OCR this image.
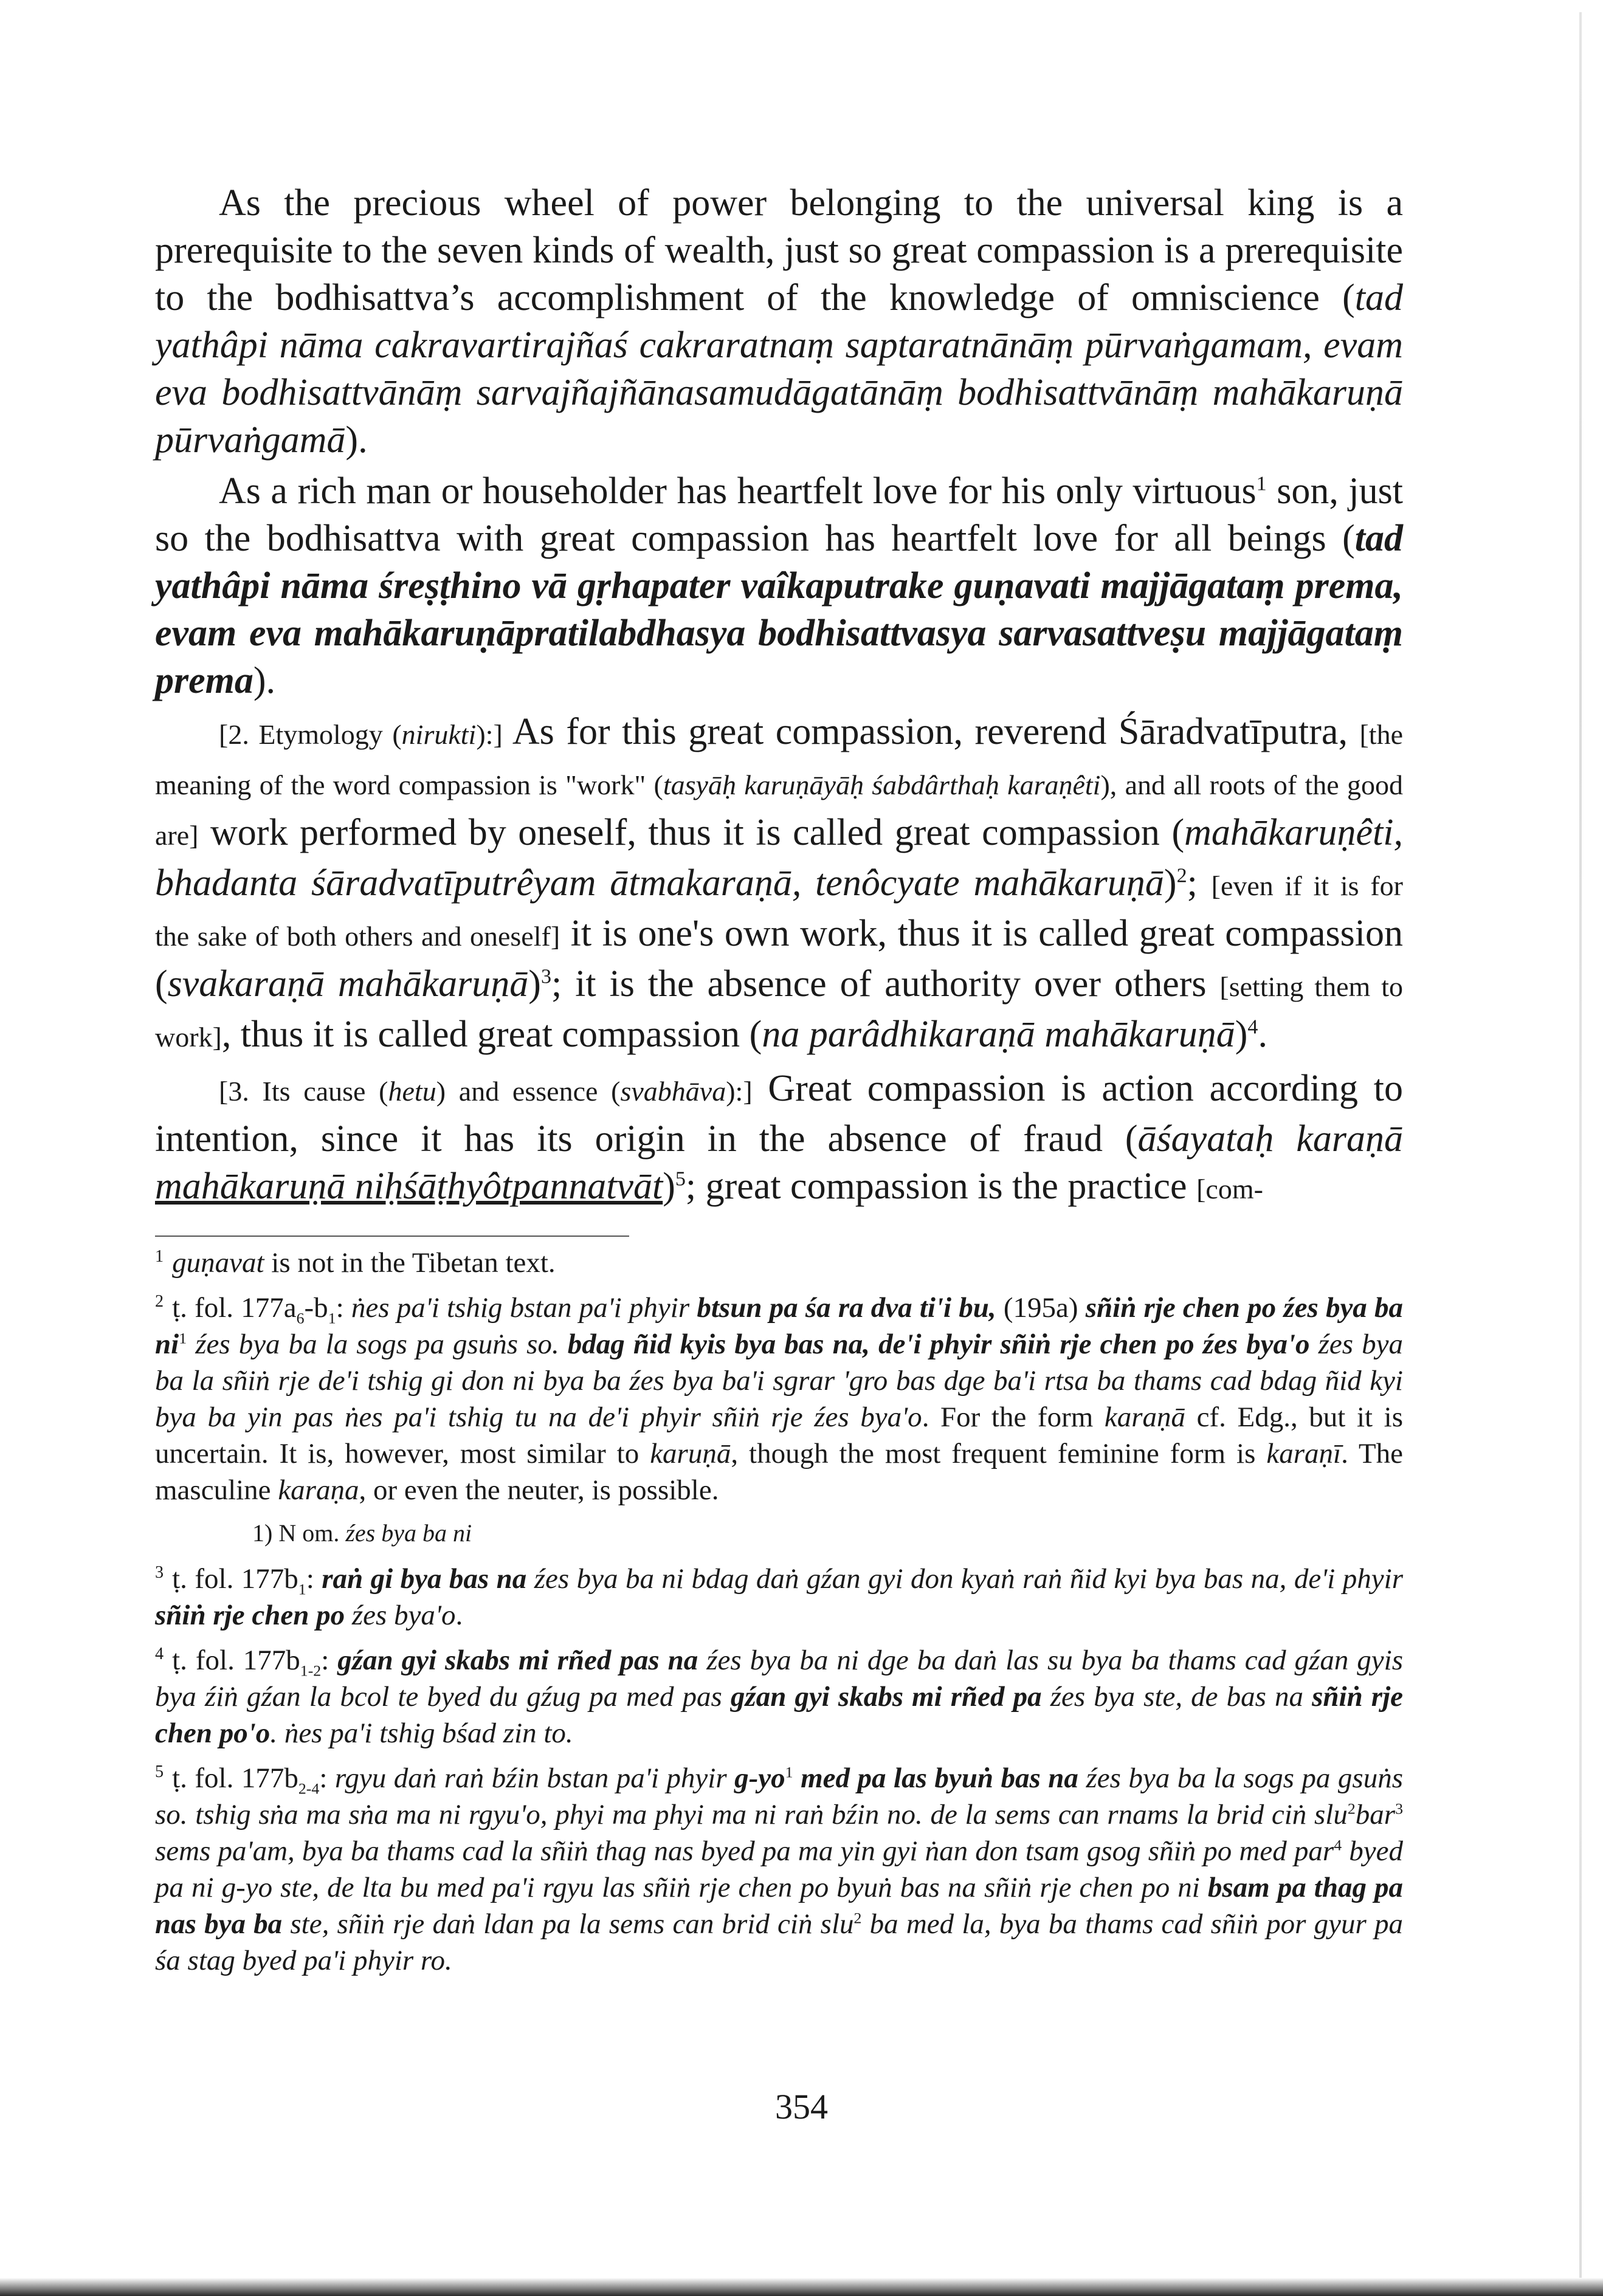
As the precious wheel of power belonging to the universal king is a prerequisite to the seven kinds of wealth, just so great compassion is a prerequisite to the bodhisattva’s accomplishment of the knowledge of omniscience (tad yathâpi nāma cakravartirajñaś cakraratnaṃ saptaratnānāṃ pūrvaṅgamam, evam eva bodhisattvānāṃ sarvajñajñānasamudāgatānāṃ bodhisattvānāṃ mahākaruṇā pūrvaṅgamā).

As a rich man or householder has heartfelt love for his only virtuous$^1$ son, just so the bodhisattva with great compassion has heartfelt love for all beings (tad yathâpi nāma śreṣṭhino vā gṛhapater vaîkaputrake guṇavati majjāgataṃ prema, evam eva mahākaruṇāpratilabdhasya bodhisattvasya sarvasattveṣu majjāgataṃ prema).

[2. Etymology (nirukti):] As for this great compassion, reverend Śāradvatīputra, [the meaning of the word compassion is "work" (tasyāḥ karuṇāyāḥ śabdârthaḥ karaṇêti), and all roots of the good are] work performed by oneself, thus it is called great compassion (mahākaruṇêti, bhadanta śāradvatīputrêyam ātmakaraṇā, tenôcyate mahākaruṇā)$^2$; [even if it is for the sake of both others and oneself] it is one's own work, thus it is called great compassion (svakaraṇā mahākaruṇā)$^3$; it is the absence of authority over others [setting them to work], thus it is called great compassion (na parâdhikaraṇā mahākaruṇā)$^4$.

[3. Its cause (hetu) and essence (svabhāva):] Great compassion is action according to intention, since it has its origin in the absence of fraud (āśayataḥ karaṇā mahākaruṇā niḥśāṭhyôtpannatvāt)$^5$; great compassion is the practice [com-

$^1$ guṇavat is not in the Tibetan text.

$^2$ ṭ. fol. $177a_6-b_1$: ṅes pa'i tshig bstan pa'i phyir btsun pa śa ra dva ti'i bu, (195a) sñiṅ rje chen po źes bya ba $ni^1$ źes bya ba la sogs pa gsuṅs so. bdag ñid kyis bya bas na, de'i phyir sñiṅ rje chen po źes bya'o źes bya ba la sñiṅ rje de'i tshig gi don ni bya ba źes bya ba'i sgrar 'gro bas dge ba'i rtsa ba thams cad bdag ñid kyi bya ba yin pas ṅes pa'i tshig tu na de'i phyir sñiṅ rje źes bya'o. For the form karaṇā cf. Edg., but it is uncertain. It is, however, most similar to karuṇā, though the most frequent feminine form is karaṇī. The masculine karaṇa, or even the neuter, is possible.

1) N om. źes bya ba ni

$^3$ ṭ. fol. $177b_1$: raṅ gi bya bas na źes bya ba ni bdag daṅ gźan gyi don kyaṅ raṅ ñid kyi bya bas na, de'i phyir sñiṅ rje chen po źes bya'o.

$^4$ ṭ. fol. $177b_{1-2}$: gźan gyi skabs mi rñed pas na źes bya ba ni dge ba daṅ las su bya ba thams cad gźan gyis bya źiṅ gźan la bcol te byed du gźug pa med pas gźan gyi skabs mi rñed pa źes bya ste, de bas na sñiṅ rje chen po'o. ṅes pa'i tshig bśad zin to.

$^5$ ṭ. fol. $177b_{2-4}$: rgyu daṅ raṅ bźin bstan pa'i phyir $g-yo^1$ med pa las byuṅ bas na źes bya ba la sogs pa gsuṅs so. tshig sṅa ma sṅa ma ni rgyu'o, phyi ma phyi ma ni raṅ bźin no. de la sems can rnams la brid ciṅ slu$^2$bar$^3$ sems pa'am, bya ba thams cad la sñiṅ thag nas byed pa ma yin gyi ṅan don tsam gsog sñiṅ po med par$^4$ byed pa ni g-yo ste, de lta bu med pa'i rgyu las sñiṅ rje chen po byuṅ bas na sñiṅ rje chen po ni bsam pa thag pa nas bya ba ste, sñiṅ rje daṅ ldan pa la sems can brid ciṅ slu$^2$ ba med la, bya ba thams cad sñiṅ por gyur pa śa stag byed pa'i phyir ro.

354
